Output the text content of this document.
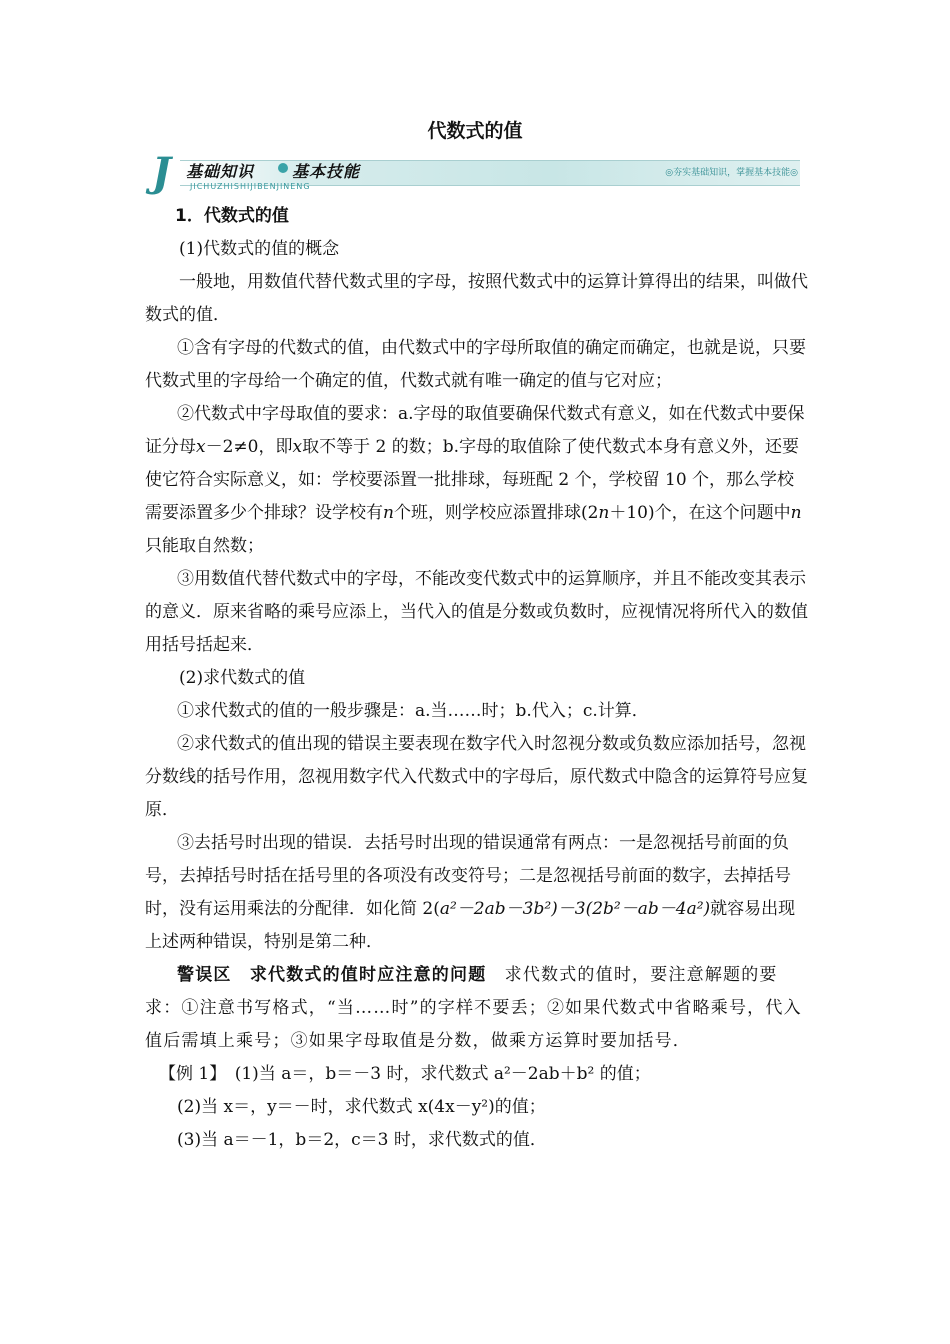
代数式的值
J 基础知识 基本技能
JICHUZHISHIJIBENJINENG
◎夯实基础知识，掌握基本技能◎

1．代数式的值

(1)代数式的值的概念

一般地，用数值代替代数式里的字母，按照代数式中的运算计算得出的结果，叫做代数式的值．

①含有字母的代数式的值，由代数式中的字母所取值的确定而确定，也就是说，只要代数式里的字母给一个确定的值，代数式就有唯一确定的值与它对应；

②代数式中字母取值的要求：a.字母的取值要确保代数式有意义，如在代数式中要保证分母x－2≠0，即x取不等于 2 的数；b.字母的取值除了使代数式本身有意义外，还要使它符合实际意义，如：学校要添置一批排球，每班配 2 个，学校留 10 个，那么学校需要添置多少个排球？设学校有n个班，则学校应添置排球(2n＋10)个，在这个问题中n只能取自然数；

③用数值代替代数式中的字母，不能改变代数式中的运算顺序，并且不能改变其表示的意义．原来省略的乘号应添上，当代入的值是分数或负数时，应视情况将所代入的数值用括号括起来．

(2)求代数式的值

①求代数式的值的一般步骤是：a.当……时；b.代入；c.计算．

②求代数式的值出现的错误主要表现在数字代入时忽视分数或负数应添加括号，忽视分数线的括号作用，忽视用数字代入代数式中的字母后，原代数式中隐含的运算符号应复原．

③去括号时出现的错误．去括号时出现的错误通常有两点：一是忽视括号前面的负号，去掉括号时括在括号里的各项没有改变符号；二是忽视括号前面的数字，去掉括号时，没有运用乘法的分配律．如化简 2(a²－2ab－3b²)－3(2b²－ab－4a²)就容易出现上述两种错误，特别是第二种．

警误区　 求代数式的值时应注意的问题　 求代数式的值时，要注意解题的要求：①注意书写格式，“当……时”的字样不要丢；②如果代数式中省略乘号，代入值后需填上乘号；③如果字母取值是分数，做乘方运算时要加括号．

【例 1】　 (1)当 a＝，b＝－3 时，求代数式 a²－2ab＋b² 的值；

(2)当 x＝，y＝－时，求代数式 x(4x－y²)的值；

(3)当 a＝－1，b＝2，c＝3 时，求代数式的值．
